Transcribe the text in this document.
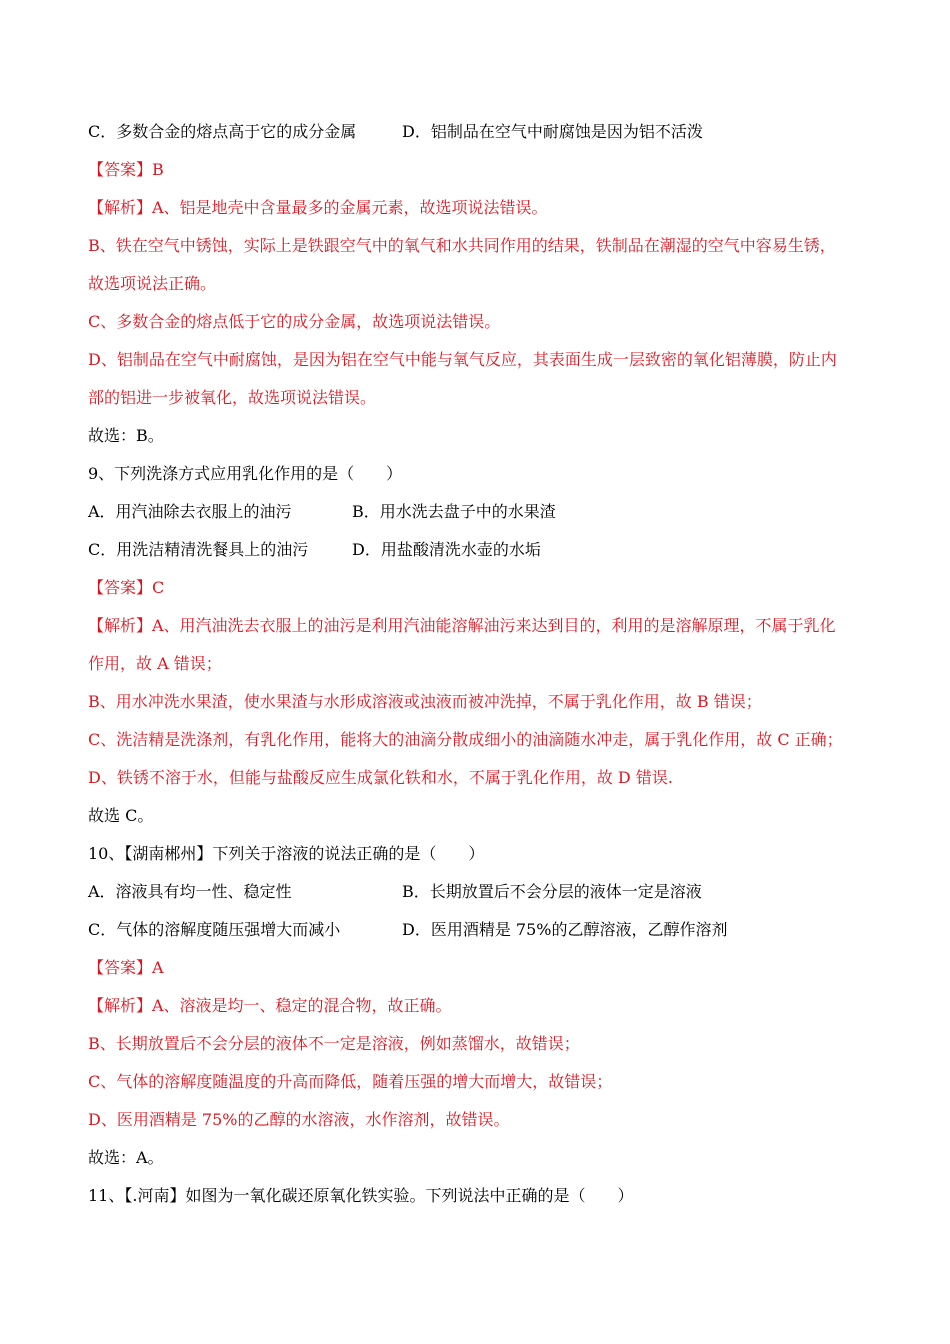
C．多数合金的熔点高于它的成分金属	D．铝制品在空气中耐腐蚀是因为铝不活泼
【答案】B
【解析】A、铝是地壳中含量最多的金属元素，故选项说法错误。
B、铁在空气中锈蚀，实际上是铁跟空气中的氧气和水共同作用的结果，铁制品在潮湿的空气中容易生锈，
故选项说法正确。
C、多数合金的熔点低于它的成分金属，故选项说法错误。
D、铝制品在空气中耐腐蚀，是因为铝在空气中能与氧气反应，其表面生成一层致密的氧化铝薄膜，防止内
部的铝进一步被氧化，故选项说法错误。
故选：B。
9、下列洗涤方式应用乳化作用的是（　　）
A．用汽油除去衣服上的油污	B．用水洗去盘子中的水果渣
C．用洗洁精清洗餐具上的油污	D．用盐酸清洗水壶的水垢
【答案】C
【解析】A、用汽油洗去衣服上的油污是利用汽油能溶解油污来达到目的，利用的是溶解原理，不属于乳化
作用，故 A 错误；
B、用水冲洗水果渣，使水果渣与水形成溶液或浊液而被冲洗掉，不属于乳化作用，故 B 错误；
C、洗洁精是洗涤剂，有乳化作用，能将大的油滴分散成细小的油滴随水冲走，属于乳化作用，故 C 正确；
D、铁锈不溶于水，但能与盐酸反应生成氯化铁和水，不属于乳化作用，故 D 错误.
故选 C。
10、【湖南郴州】下列关于溶液的说法正确的是（　　）
A．溶液具有均一性、稳定性	B．长期放置后不会分层的液体一定是溶液
C．气体的溶解度随压强增大而减小	D．医用酒精是 75%的乙醇溶液，乙醇作溶剂
【答案】A
【解析】A、溶液是均一、稳定的混合物，故正确。
B、长期放置后不会分层的液体不一定是溶液，例如蒸馏水，故错误；
C、气体的溶解度随温度的升高而降低，随着压强的增大而增大，故错误；
D、医用酒精是 75%的乙醇的水溶液，水作溶剂，故错误。
故选：A。
11、【.河南】如图为一氧化碳还原氧化铁实验。下列说法中正确的是（　　）
